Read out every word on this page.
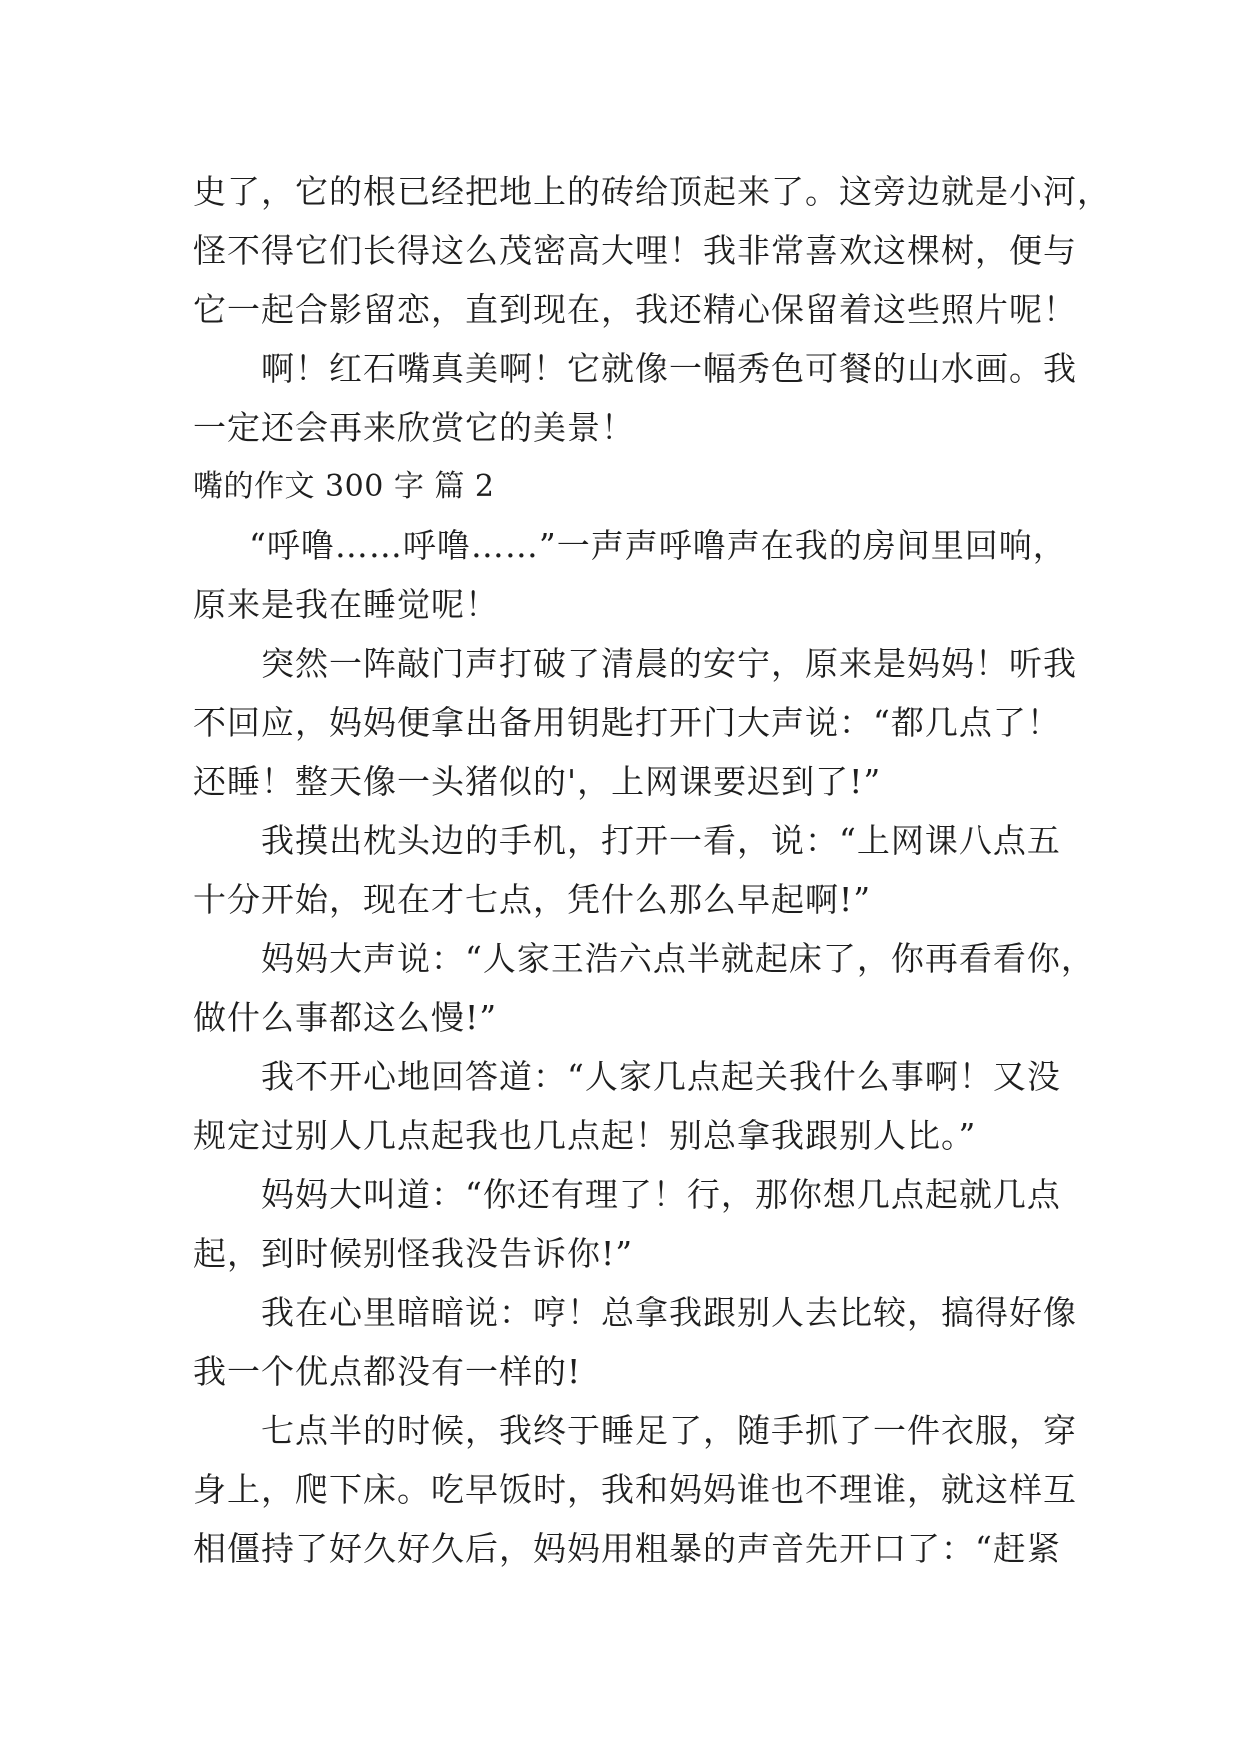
史了，它的根已经把地上的砖给顶起来了。这旁边就是小河，
怪不得它们长得这么茂密高大哩！我非常喜欢这棵树，便与
它一起合影留恋，直到现在，我还精心保留着这些照片呢！
啊！红石嘴真美啊！它就像一幅秀色可餐的山水画。我
一定还会再来欣赏它的美景！
嘴的作文 300 字 篇 2
“呼噜……呼噜……”一声声呼噜声在我的房间里回响，
原来是我在睡觉呢！
突然一阵敲门声打破了清晨的安宁，原来是妈妈！听我
不回应，妈妈便拿出备用钥匙打开门大声说：“都几点了！
还睡！整天像一头猪似的'，上网课要迟到了!”
我摸出枕头边的手机，打开一看，说：“上网课八点五
十分开始，现在才七点，凭什么那么早起啊!”
妈妈大声说：“人家王浩六点半就起床了，你再看看你，
做什么事都这么慢!”
我不开心地回答道：“人家几点起关我什么事啊！又没
规定过别人几点起我也几点起！别总拿我跟别人比。”
妈妈大叫道：“你还有理了！行，那你想几点起就几点
起，到时候别怪我没告诉你!”
我在心里暗暗说：哼！总拿我跟别人去比较，搞得好像
我一个优点都没有一样的!
七点半的时候，我终于睡足了，随手抓了一件衣服，穿
身上，爬下床。吃早饭时，我和妈妈谁也不理谁，就这样互
相僵持了好久好久后，妈妈用粗暴的声音先开口了：“赶紧
